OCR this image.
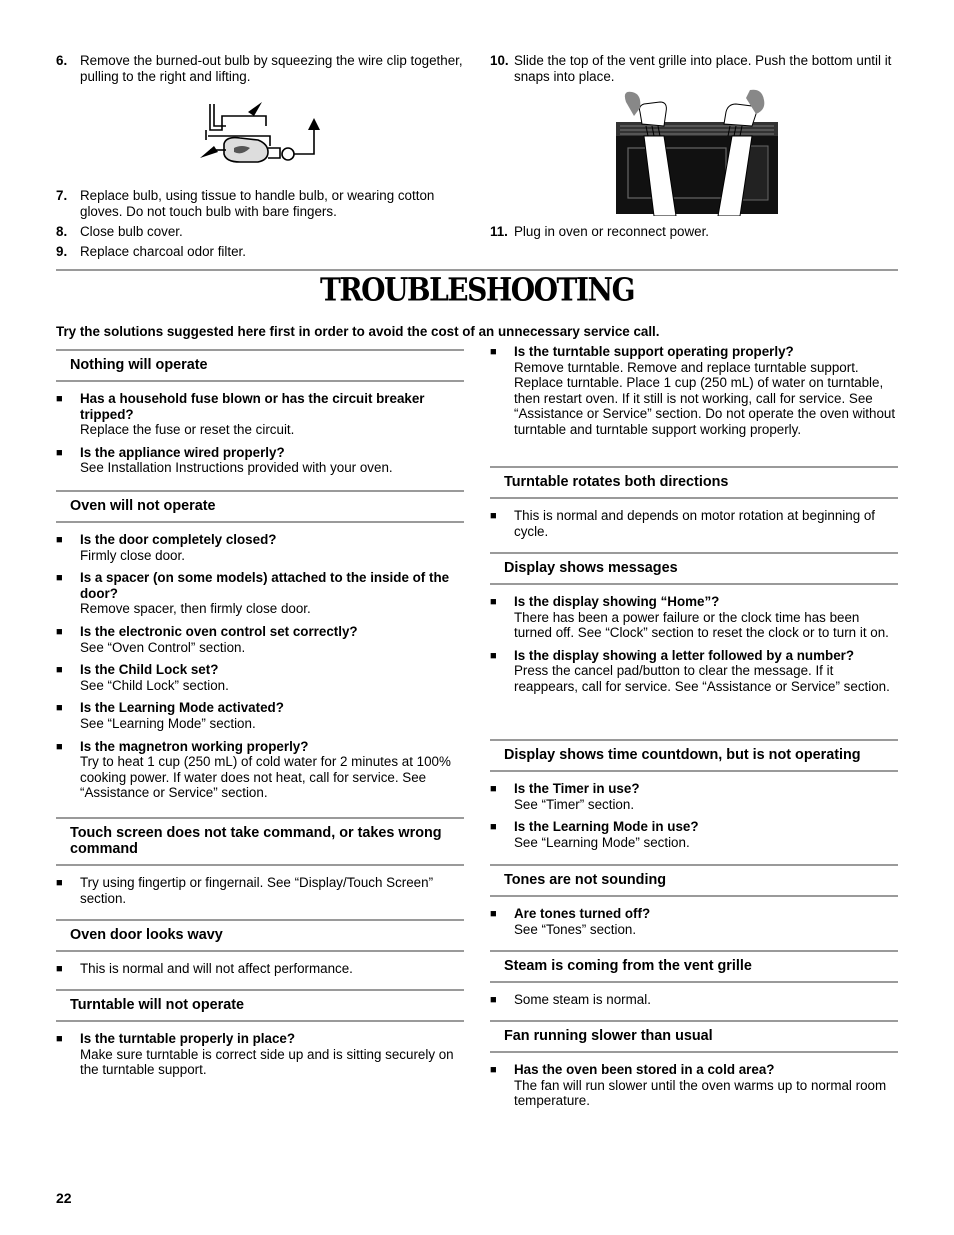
6. Remove the burned-out bulb by squeezing the wire clip together, pulling to the right and lifting.
7. Replace bulb, using tissue to handle bulb, or wearing cotton gloves. Do not touch bulb with bare fingers.
8. Close bulb cover.
9. Replace charcoal odor filter.
10. Slide the top of the vent grille into place. Push the bottom until it snaps into place.
11. Plug in oven or reconnect power.
TROUBLESHOOTING
Try the solutions suggested here first in order to avoid the cost of an unnecessary service call.
Nothing will operate
■	Has a household fuse blown or has the circuit breaker tripped?
Replace the fuse or reset the circuit.
■	Is the appliance wired properly?
See Installation Instructions provided with your oven.
Oven will not operate
■	Is the door completely closed?
Firmly close door.
■	Is a spacer (on some models) attached to the inside of the door?
Remove spacer, then firmly close door.
■	Is the electronic oven control set correctly?
See “Oven Control” section.
■	Is the Child Lock set?
See “Child Lock” section.
■	Is the Learning Mode activated?
See “Learning Mode” section.
■	Is the magnetron working properly?
Try to heat 1 cup (250 mL) of cold water for 2 minutes at 100% cooking power. If water does not heat, call for service. See “Assistance or Service” section.
Touch screen does not take command, or takes wrong command
■	Try using fingertip or fingernail. See “Display/Touch Screen” section.
Oven door looks wavy
■	This is normal and will not affect performance.
Turntable will not operate
■	Is the turntable properly in place?
Make sure turntable is correct side up and is sitting securely on the turntable support.
■	Is the turntable support operating properly?
Remove turntable. Remove and replace turntable support. Replace turntable. Place 1 cup (250 mL) of water on turntable, then restart oven. If it still is not working, call for service. See “Assistance or Service” section. Do not operate the oven without turntable and turntable support working properly.
Turntable rotates both directions
■	This is normal and depends on motor rotation at beginning of cycle.
Display shows messages
■	Is the display showing “Home”?
There has been a power failure or the clock time has been turned off. See “Clock” section to reset the clock or to turn it on.
■	Is the display showing a letter followed by a number?
Press the cancel pad/button to clear the message. If it reappears, call for service. See “Assistance or Service” section.
Display shows time countdown, but is not operating
■	Is the Timer in use?
See “Timer” section.
■	Is the Learning Mode in use?
See “Learning Mode” section.
Tones are not sounding
■	Are tones turned off?
See “Tones” section.
Steam is coming from the vent grille
■	Some steam is normal.
Fan running slower than usual
■	Has the oven been stored in a cold area?
The fan will run slower until the oven warms up to normal room temperature.
22
